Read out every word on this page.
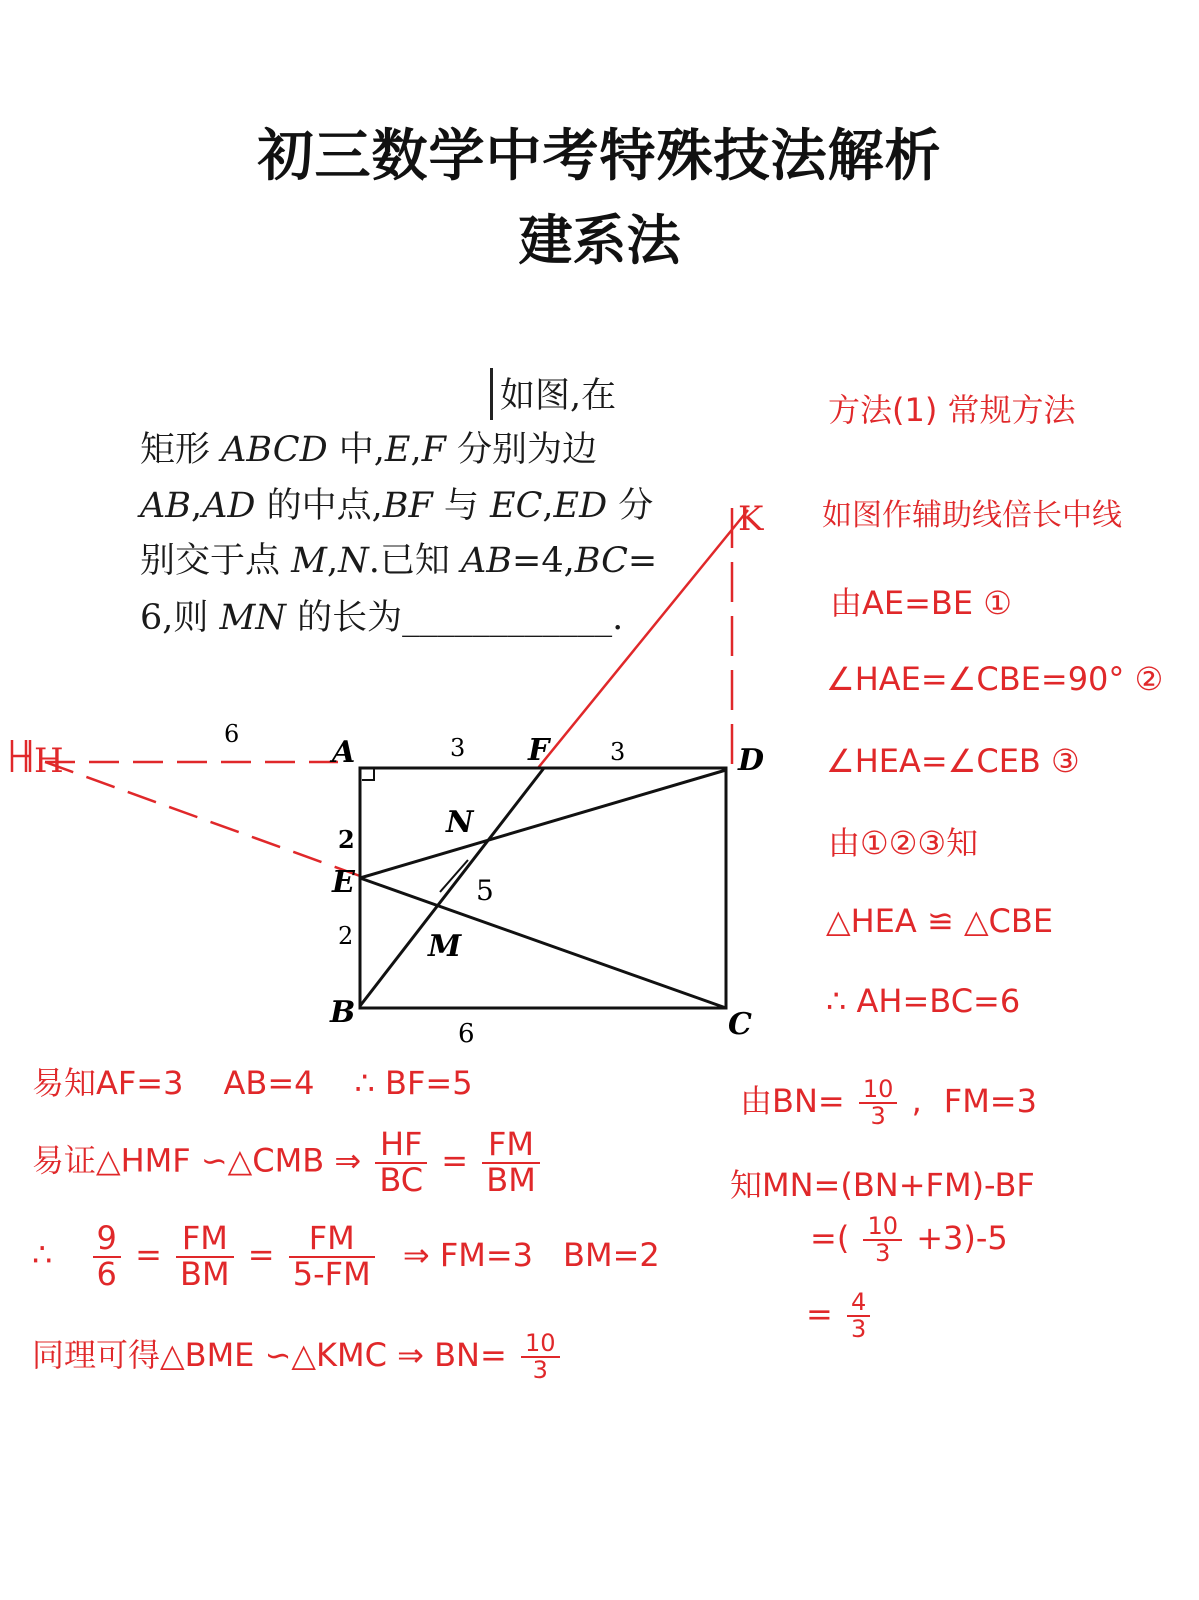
初三数学中考特殊技法解析
建系法
如图,在
矩形 ABCD 中,E,F 分别为边
AB,AD 的中点,BF 与 EC,ED 分
别交于点 M,N.已知 AB=4,BC=
6,则 MN 的长为____________.
A	F	D
E
N
M
B	C
H
K
3	3
2
2
6
6
5
方法(1) 常规方法
如图作辅助线倍长中线
由AE=BE ①
∠HAE=∠CBE=90° ②
∠HEA=∠CEB ③
由①②③知
△HEA ≌ △CBE
∴ AH=BC=6
易知AF=3 AB=4 ∴ BF=5
易证△HMF ∽△CMB ⇒ $\frac{HF}{BC} = \frac{FM}{BM}$
∴ $\frac{9}{6} = \frac{FM}{BM} = \frac{FM}{5-FM}$ ⇒ FM=3 BM=2
同理可得△BME ∽△KMC ⇒ $BN= \frac{10}{3}$
由$BN= \frac{10}{3}$ , FM=3
知MN=(BN+FM)-BF
=( $\frac{10}{3} +3)-5$
= $\frac{4}{3}$
